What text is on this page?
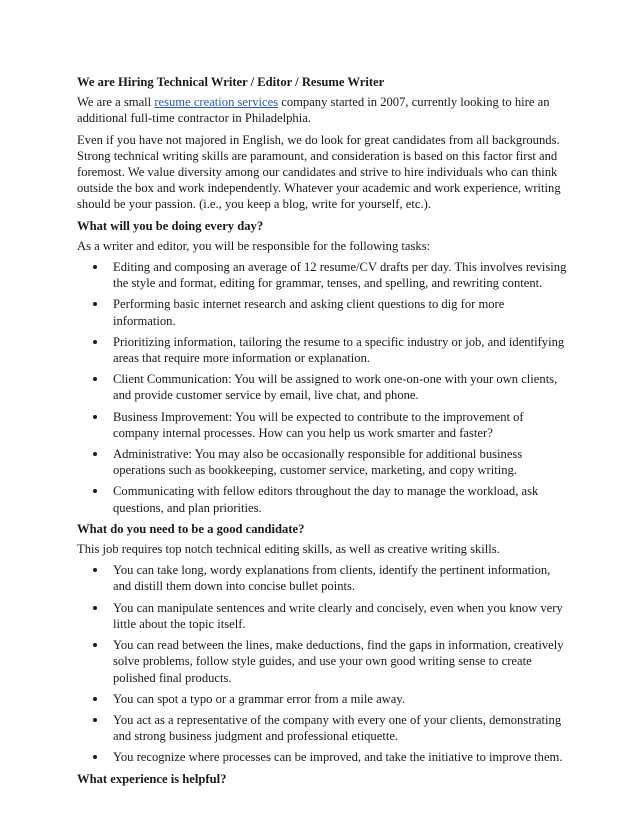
We are Hiring Technical Writer / Editor / Resume Writer

We are a small resume creation services company started in 2007, currently looking to hire an additional full-time contractor in Philadelphia.

Even if you have not majored in English, we do look for great candidates from all backgrounds. Strong technical writing skills are paramount, and consideration is based on this factor first and foremost. We value diversity among our candidates and strive to hire individuals who can think outside the box and work independently. Whatever your academic and work experience, writing should be your passion. (i.e., you keep a blog, write for yourself, etc.).

What will you be doing every day?

As a writer and editor, you will be responsible for the following tasks:

Editing and composing an average of 12 resume/CV drafts per day. This involves revising the style and format, editing for grammar, tenses, and spelling, and rewriting content.
Performing basic internet research and asking client questions to dig for more information.
Prioritizing information, tailoring the resume to a specific industry or job, and identifying areas that require more information or explanation.
Client Communication: You will be assigned to work one-on-one with your own clients, and provide customer service by email, live chat, and phone.
Business Improvement: You will be expected to contribute to the improvement of company internal processes. How can you help us work smarter and faster?
Administrative: You may also be occasionally responsible for additional business operations such as bookkeeping, customer service, marketing, and copy writing.
Communicating with fellow editors throughout the day to manage the workload, ask questions, and plan priorities.

What do you need to be a good candidate?

This job requires top notch technical editing skills, as well as creative writing skills.

You can take long, wordy explanations from clients, identify the pertinent information, and distill them down into concise bullet points.
You can manipulate sentences and write clearly and concisely, even when you know very little about the topic itself.
You can read between the lines, make deductions, find the gaps in information, creatively solve problems, follow style guides, and use your own good writing sense to create polished final products.
You can spot a typo or a grammar error from a mile away.
You act as a representative of the company with every one of your clients, demonstrating and strong business judgment and professional etiquette.
You recognize where processes can be improved, and take the initiative to improve them.

What experience is helpful?
